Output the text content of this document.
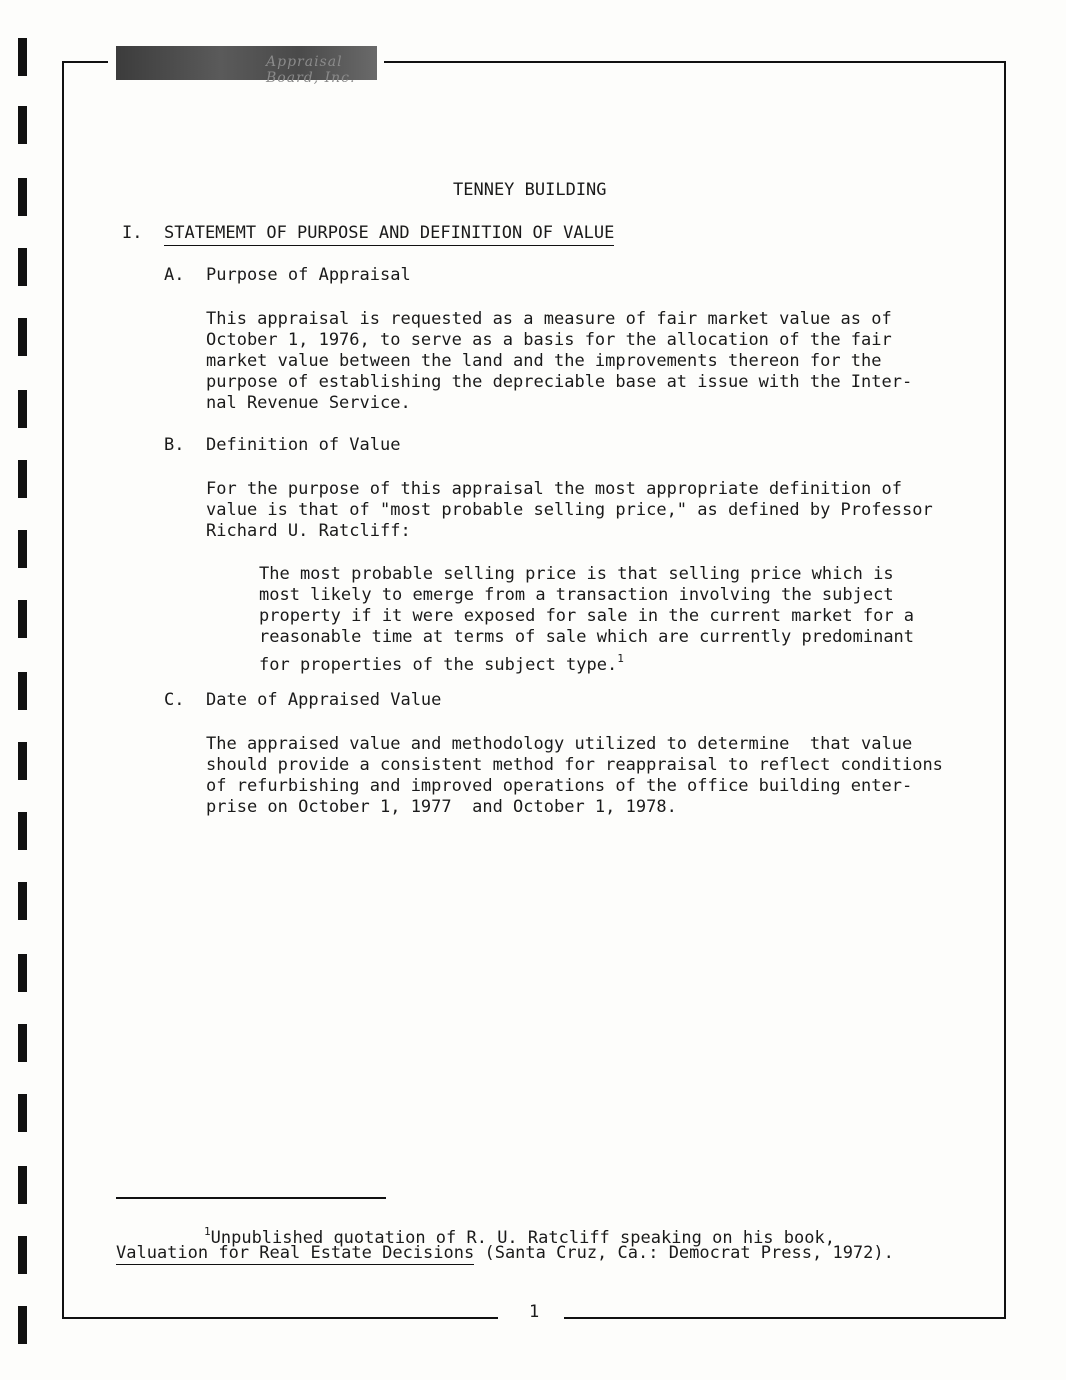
Appraisal Board, Inc.
TENNEY BUILDING
I. STATEMEMT OF PURPOSE AND DEFINITION OF VALUE
A. Purpose of Appraisal
This appraisal is requested as a measure of fair market value as of
October 1, 1976, to serve as a basis for the allocation of the fair
market value between the land and the improvements thereon for the
purpose of establishing the depreciable base at issue with the Inter-
nal Revenue Service.
B. Definition of Value
For the purpose of this appraisal the most appropriate definition of
value is that of "most probable selling price," as defined by Professor
Richard U. Ratcliff:
The most probable selling price is that selling price which is
most likely to emerge from a transaction involving the subject
property if it were exposed for sale in the current market for a
reasonable time at terms of sale which are currently predominant
for properties of the subject type.$^1$
C. Date of Appraised Value
The appraised value and methodology utilized to determine  that value
should provide a consistent method for reappraisal to reflect conditions
of refurbishing and improved operations of the office building enter-
prise on October 1, 1977  and October 1, 1978.
$^1$Unpublished quotation of R. U. Ratcliff speaking on his book,
Valuation for Real Estate Decisions (Santa Cruz, Ca.: Democrat Press, 1972).
1
